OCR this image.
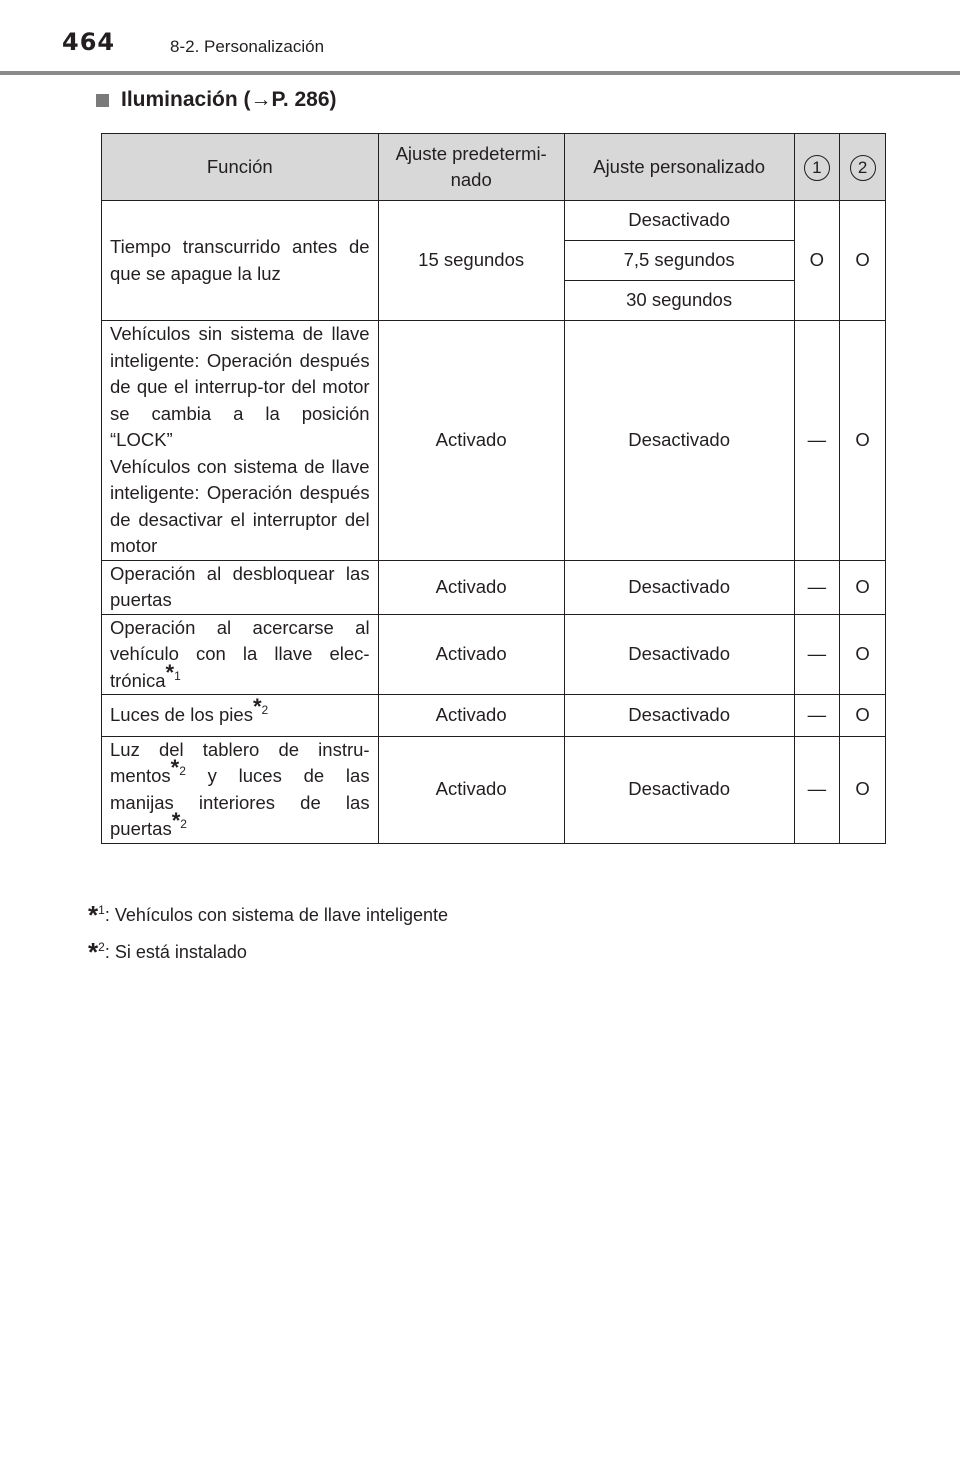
464	8-2. Personalización
Iluminación ( → P. 286)
Función	Ajuste predetermi-nado	Ajuste personalizado	1	2
Tiempo transcurrido antes de que se apague la luz	15 segundos	Desactivado	O	O
		7,5 segundos		
		30 segundos		

Vehículos sin sistema de llave inteligente: Operación después de que el interrup-tor del motor se cambia a la posición “LOCK”
Vehículos con sistema de llave inteligente: Operación después de desactivar el interruptor del motor	Activado	Desactivado	—	O
Operación al desbloquear las puertas	Activado	Desactivado	—	O
Operación al acercarse al vehículo con la llave elec-trónica*$^1$	Activado	Desactivado	—	O
Luces de los pies*$^2$	Activado	Desactivado	—	O
Luz del tablero de instru-mentos*$^2$ y luces de las manijas interiores de las puertas*$^2$	Activado	Desactivado	—	O
*$^1$: Vehículos con sistema de llave inteligente
*$^2$: Si está instalado
